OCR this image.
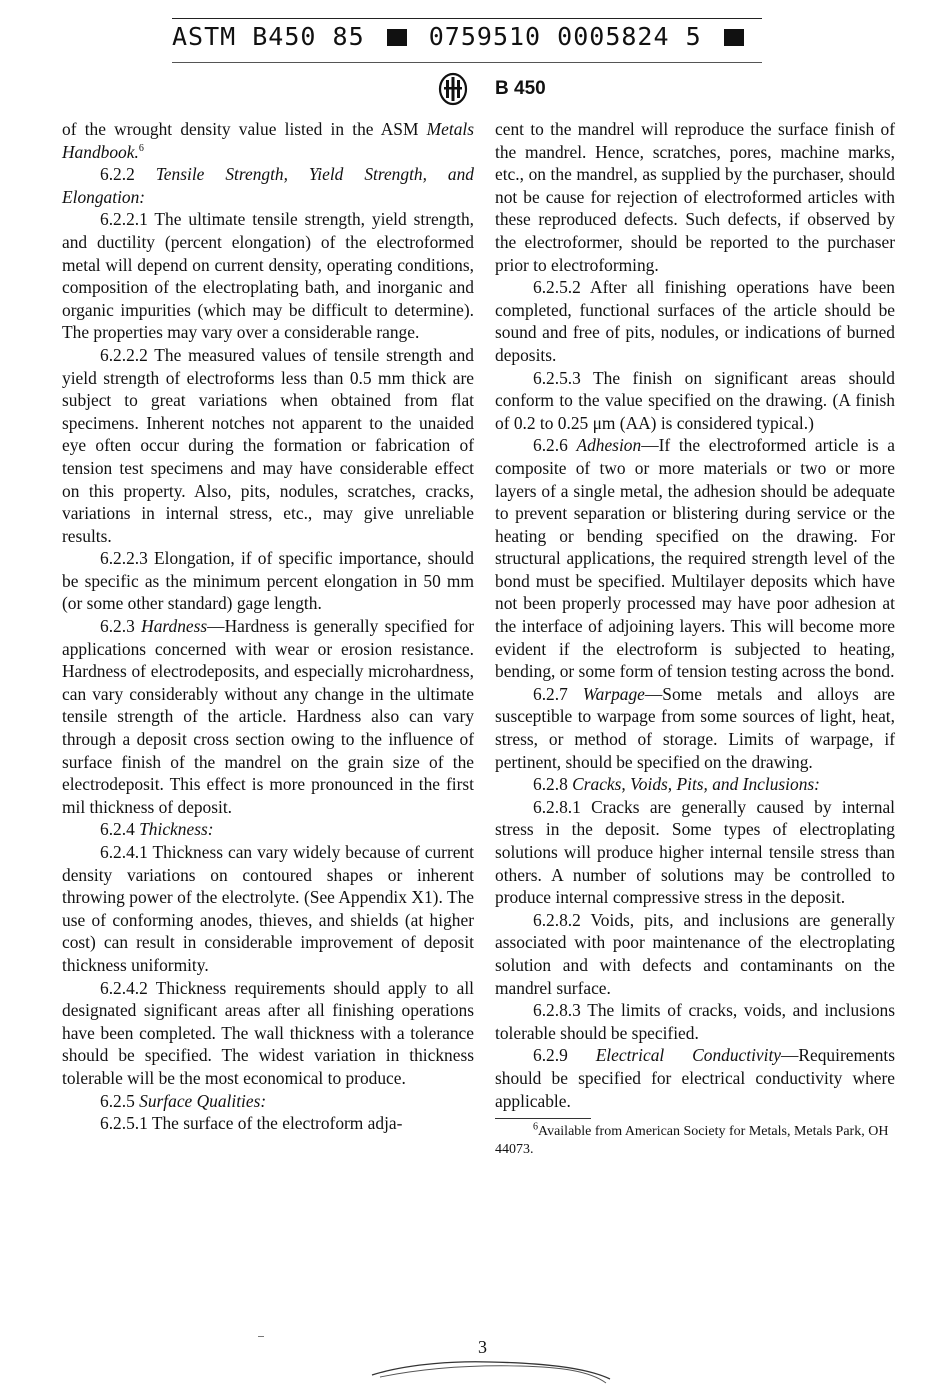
ASTM B450 85	0759510 0005824 5
B 450

of the wrought density value listed in the ASM Metals Handbook.$^6$

6.2.2 Tensile Strength, Yield Strength, and Elongation:

6.2.2.1 The ultimate tensile strength, yield strength, and ductility (percent elongation) of the electroformed metal will depend on current density, operating conditions, composition of the electroplating bath, and inorganic and organic impurities (which may be difficult to determine). The properties may vary over a considerable range.

6.2.2.2 The measured values of tensile strength and yield strength of electroforms less than 0.5 mm thick are subject to great variations when obtained from flat specimens. Inherent notches not apparent to the unaided eye often occur during the formation or fabrication of tension test specimens and may have considerable effect on this property. Also, pits, nodules, scratches, cracks, variations in internal stress, etc., may give unreliable results.

6.2.2.3 Elongation, if of specific importance, should be specific as the minimum percent elongation in 50 mm (or some other standard) gage length.

6.2.3 Hardness—Hardness is generally specified for applications concerned with wear or erosion resistance. Hardness of electrodeposits, and especially microhardness, can vary considerably without any change in the ultimate tensile strength of the article. Hardness also can vary through a deposit cross section owing to the influence of surface finish of the mandrel on the grain size of the electrodeposit. This effect is more pronounced in the first mil thickness of deposit.

6.2.4 Thickness:

6.2.4.1 Thickness can vary widely because of current density variations on contoured shapes or inherent throwing power of the electrolyte. (See Appendix X1). The use of conforming anodes, thieves, and shields (at higher cost) can result in considerable improvement of deposit thickness uniformity.

6.2.4.2 Thickness requirements should apply to all designated significant areas after all finishing operations have been completed. The wall thickness with a tolerance should be specified. The widest variation in thickness tolerable will be the most economical to produce.

6.2.5 Surface Qualities:

6.2.5.1 The surface of the electroform adja-

cent to the mandrel will reproduce the surface finish of the mandrel. Hence, scratches, pores, machine marks, etc., on the mandrel, as supplied by the purchaser, should not be cause for rejection of electroformed articles with these reproduced defects. Such defects, if observed by the electroformer, should be reported to the purchaser prior to electroforming.

6.2.5.2 After all finishing operations have been completed, functional surfaces of the article should be sound and free of pits, nodules, or indications of burned deposits.

6.2.5.3 The finish on significant areas should conform to the value specified on the drawing. (A finish of 0.2 to 0.25 μm (AA) is considered typical.)

6.2.6 Adhesion—If the electroformed article is a composite of two or more materials or two or more layers of a single metal, the adhesion should be adequate to prevent separation or blistering during service or the heating or bending specified on the drawing. For structural applications, the required strength level of the bond must be specified. Multilayer deposits which have not been properly processed may have poor adhesion at the interface of adjoining layers. This will become more evident if the electroform is subjected to heating, bending, or some form of tension testing across the bond.

6.2.7 Warpage—Some metals and alloys are susceptible to warpage from some sources of light, heat, stress, or method of storage. Limits of warpage, if pertinent, should be specified on the drawing.

6.2.8 Cracks, Voids, Pits, and Inclusions:

6.2.8.1 Cracks are generally caused by internal stress in the deposit. Some types of electroplating solutions will produce higher internal tensile stress than others. A number of solutions may be controlled to produce internal compressive stress in the deposit.

6.2.8.2 Voids, pits, and inclusions are generally associated with poor maintenance of the electroplating solution and with defects and contaminants on the mandrel surface.

6.2.8.3 The limits of cracks, voids, and inclusions tolerable should be specified.

6.2.9 Electrical Conductivity—Requirements should be specified for electrical conductivity where applicable.

$^6$Available from American Society for Metals, Metals Park, OH 44073.

3
